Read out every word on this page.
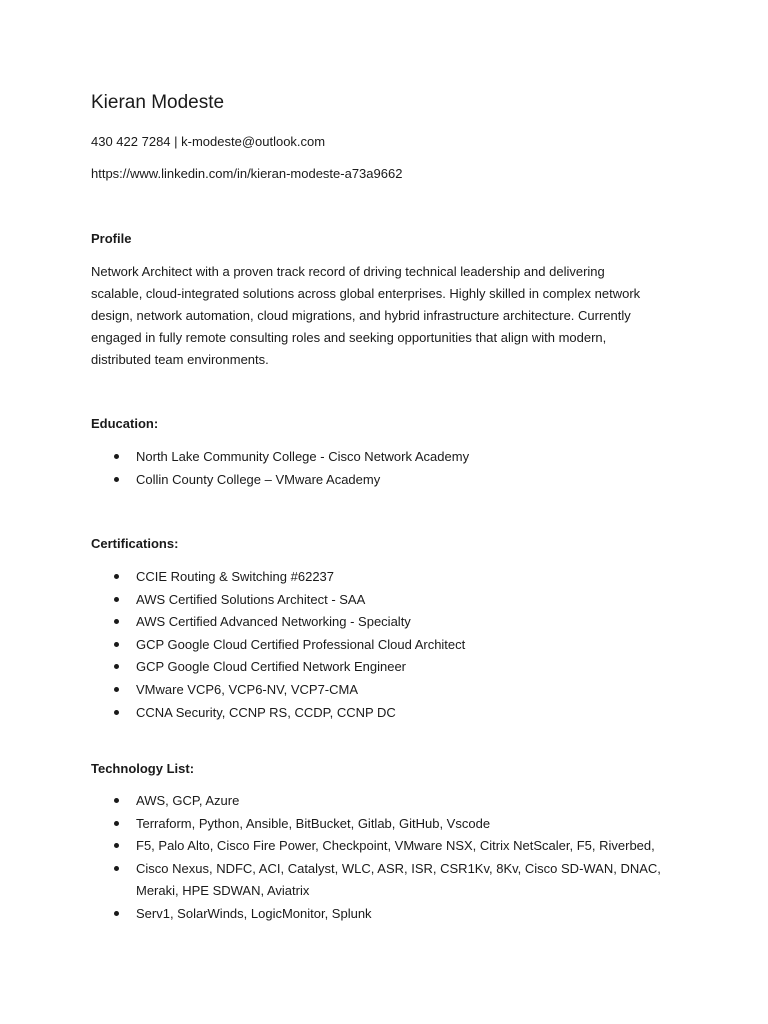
Kieran Modeste
430 422 7284 | k-modeste@outlook.com
https://www.linkedin.com/in/kieran-modeste-a73a9662
Profile

Network Architect with a proven track record of driving technical leadership and delivering
scalable, cloud-integrated solutions across global enterprises. Highly skilled in complex network
design, network automation, cloud migrations, and hybrid infrastructure architecture. Currently
engaged in fully remote consulting roles and seeking opportunities that align with modern,
distributed team environments.

Education:
North Lake Community College - Cisco Network Academy
Collin County College – VMware Academy
Certifications:
CCIE Routing & Switching #62237
AWS Certified Solutions Architect - SAA
AWS Certified Advanced Networking - Specialty
GCP Google Cloud Certified Professional Cloud Architect
GCP Google Cloud Certified Network Engineer
VMware VCP6, VCP6-NV, VCP7-CMA
CCNA Security, CCNP RS, CCDP, CCNP DC
Technology List:
AWS, GCP, Azure
Terraform, Python, Ansible, BitBucket, Gitlab, GitHub, Vscode
F5, Palo Alto, Cisco Fire Power, Checkpoint, VMware NSX, Citrix NetScaler, F5, Riverbed,
Cisco Nexus, NDFC, ACI, Catalyst, WLC, ASR, ISR, CSR1Kv, 8Kv, Cisco SD-WAN, DNAC,
Meraki, HPE SDWAN, Aviatrix
Serv1, SolarWinds, LogicMonitor, Splunk
